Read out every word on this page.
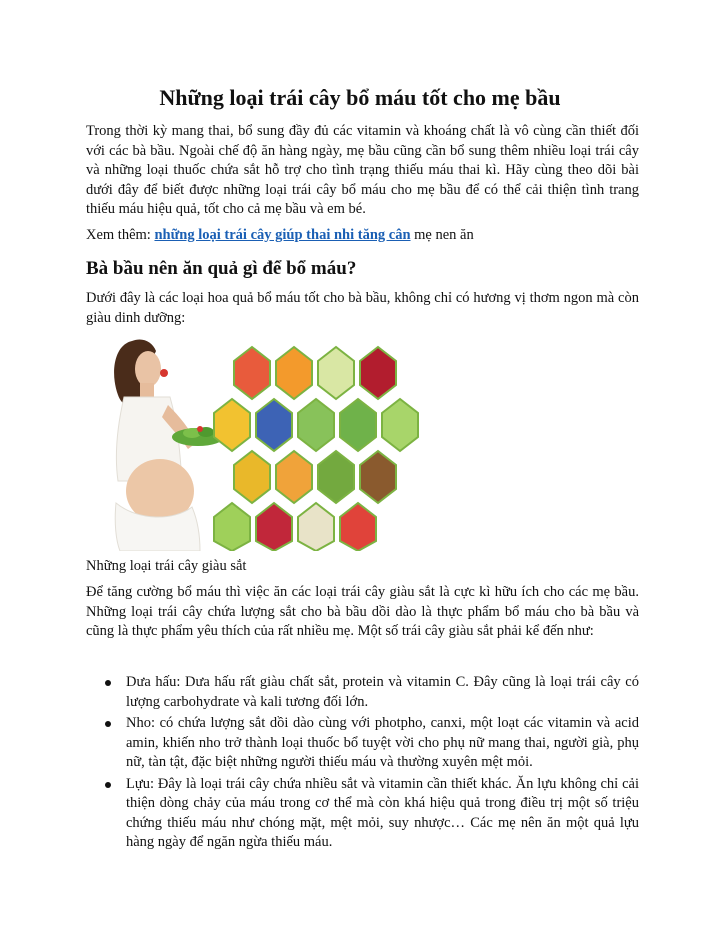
Những loại trái cây bổ máu tốt cho mẹ bầu

Trong thời kỳ mang thai, bổ sung đầy đủ các vitamin và khoáng chất là vô cùng cần thiết đối với các bà bầu. Ngoài chế độ ăn hàng ngày, mẹ bầu cũng cần bổ sung thêm nhiều loại trái cây và những loại thuốc chứa sắt hỗ trợ cho tình trạng thiếu máu thai kì. Hãy cùng theo dõi bài dưới đây để biết được những loại trái cây bổ máu cho mẹ bầu để có thể cải thiện tình trang thiếu máu hiệu quả, tốt cho cả mẹ bầu và em bé.

Xem thêm: những loại trái cây giúp thai nhi tăng cân mẹ nen ăn

Bà bầu nên ăn quả gì để bổ máu?

Dưới đây là các loại hoa quả bổ máu tốt cho bà bầu, không chỉ có hương vị thơm ngon mà còn giàu dinh dưỡng:

Những loại trái cây giàu sắt

Để tăng cường bổ máu thì việc ăn các loại trái cây giàu sắt là cực kì hữu ích cho các mẹ bầu. Những loại trái cây chứa lượng sắt cho bà bầu dồi dào là thực phẩm bổ máu cho bà bầu và cũng là thực phẩm yêu thích của rất nhiều mẹ. Một số trái cây giàu sắt phải kể đến như:

Dưa hấu: Dưa hấu rất giàu chất sắt, protein và vitamin C. Đây cũng là loại trái cây có lượng carbohydrate và kali tương đối lớn.
Nho: có chứa lượng sắt dồi dào cùng với photpho, canxi, một loạt các vitamin và acid amin, khiến nho trở thành loại thuốc bổ tuyệt vời cho phụ nữ mang thai, người già, phụ nữ, tàn tật, đặc biệt những người thiếu máu và thường xuyên mệt mỏi.
Lựu: Đây là loại trái cây chứa nhiều sắt và vitamin cần thiết khác. Ăn lựu không chỉ cải thiện dòng chảy của máu trong cơ thể mà còn khá hiệu quả trong điều trị một số triệu chứng thiếu máu như chóng mặt, mệt mỏi, suy nhược… Các mẹ nên ăn một quả lựu hàng ngày để ngăn ngừa thiếu máu.
